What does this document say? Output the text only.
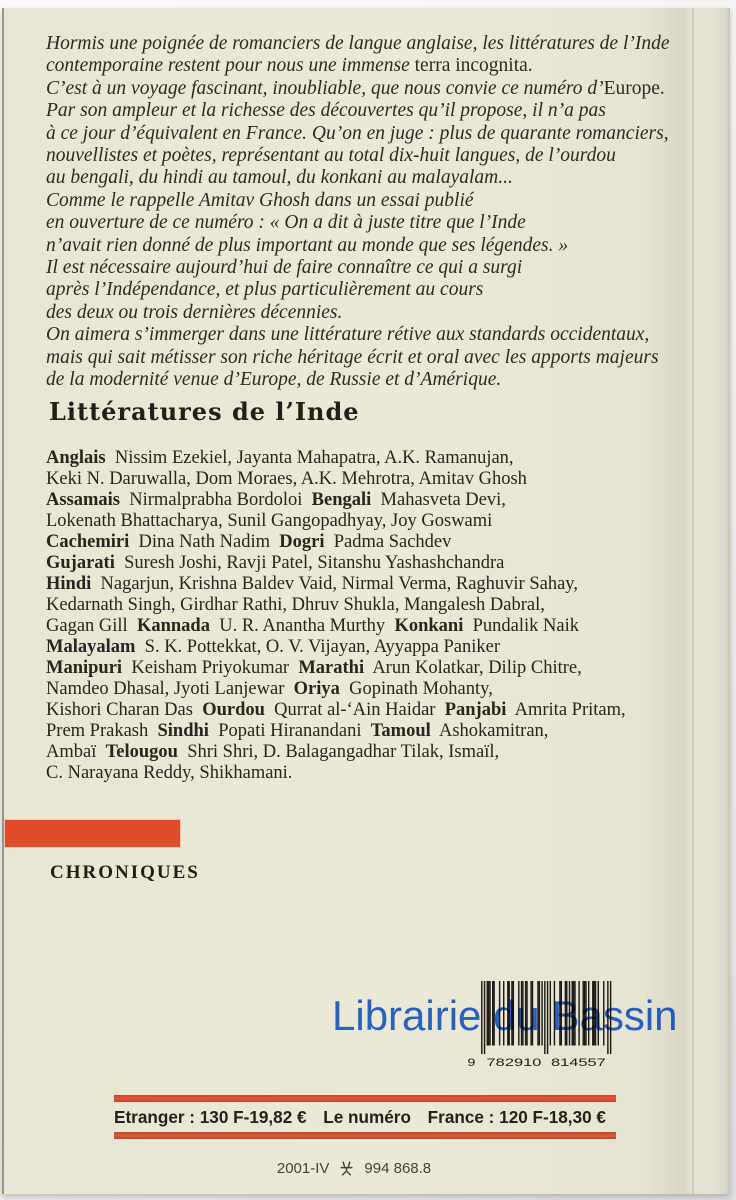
Hormis une poignée de romanciers de langue anglaise, les littératures de l’Inde
contemporaine restent pour nous une immense terra incognita.
C’est à un voyage fascinant, inoubliable, que nous convie ce numéro d’Europe.
Par son ampleur et la richesse des découvertes qu’il propose, il n’a pas
à ce jour d’équivalent en France. Qu’on en juge : plus de quarante romanciers,
nouvellistes et poètes, représentant au total dix-huit langues, de l’ourdou
au bengali, du hindi au tamoul, du konkani au malayalam...
Comme le rappelle Amitav Ghosh dans un essai publié
en ouverture de ce numéro : « On a dit à juste titre que l’Inde
n’avait rien donné de plus important au monde que ses légendes. »
Il est nécessaire aujourd’hui de faire connaître ce qui a surgi
après l’Indépendance, et plus particulièrement au cours
des deux ou trois dernières décennies.
On aimera s’immerger dans une littérature rétive aux standards occidentaux,
mais qui sait métisser son riche héritage écrit et oral avec les apports majeurs
de la modernité venue d’Europe, de Russie et d’Amérique.
Littératures de l’Inde
Anglais  Nissim Ezekiel, Jayanta Mahapatra, A.K. Ramanujan,
Keki N. Daruwalla, Dom Moraes, A.K. Mehrotra, Amitav Ghosh
Assamais  Nirmalprabha Bordoloi  Bengali  Mahasveta Devi,
Lokenath Bhattacharya, Sunil Gangopadhyay, Joy Goswami
Cachemiri  Dina Nath Nadim  Dogri  Padma Sachdev
Gujarati  Suresh Joshi, Ravji Patel, Sitanshu Yashashchandra
Hindi  Nagarjun, Krishna Baldev Vaid, Nirmal Verma, Raghuvir Sahay,
Kedarnath Singh, Girdhar Rathi, Dhruv Shukla, Mangalesh Dabral,
Gagan Gill  Kannada  U. R. Anantha Murthy  Konkani  Pundalik Naik
Malayalam  S. K. Pottekkat, O. V. Vijayan, Ayyappa Paniker
Manipuri  Keisham Priyokumar  Marathi  Arun Kolatkar, Dilip Chitre,
Namdeo Dhasal, Jyoti Lanjewar  Oriya  Gopinath Mohanty,
Kishori Charan Das  Ourdou  Qurrat al-‘Ain Haidar  Panjabi  Amrita Pritam,
Prem Prakash  Sindhi  Popati Hiranandani  Tamoul  Ashokamitran,
Ambaï  Telougou  Shri Shri, D. Balagangadhar Tilak, Ismaïl,
C. Narayana Reddy, Shikhamani.
CHRONIQUES
9 782910 814557
Librairie du Bassin
Etranger : 130 F-19,82 € Le numéro France : 120 F-18,30 €
2001-IV 994 868.8
